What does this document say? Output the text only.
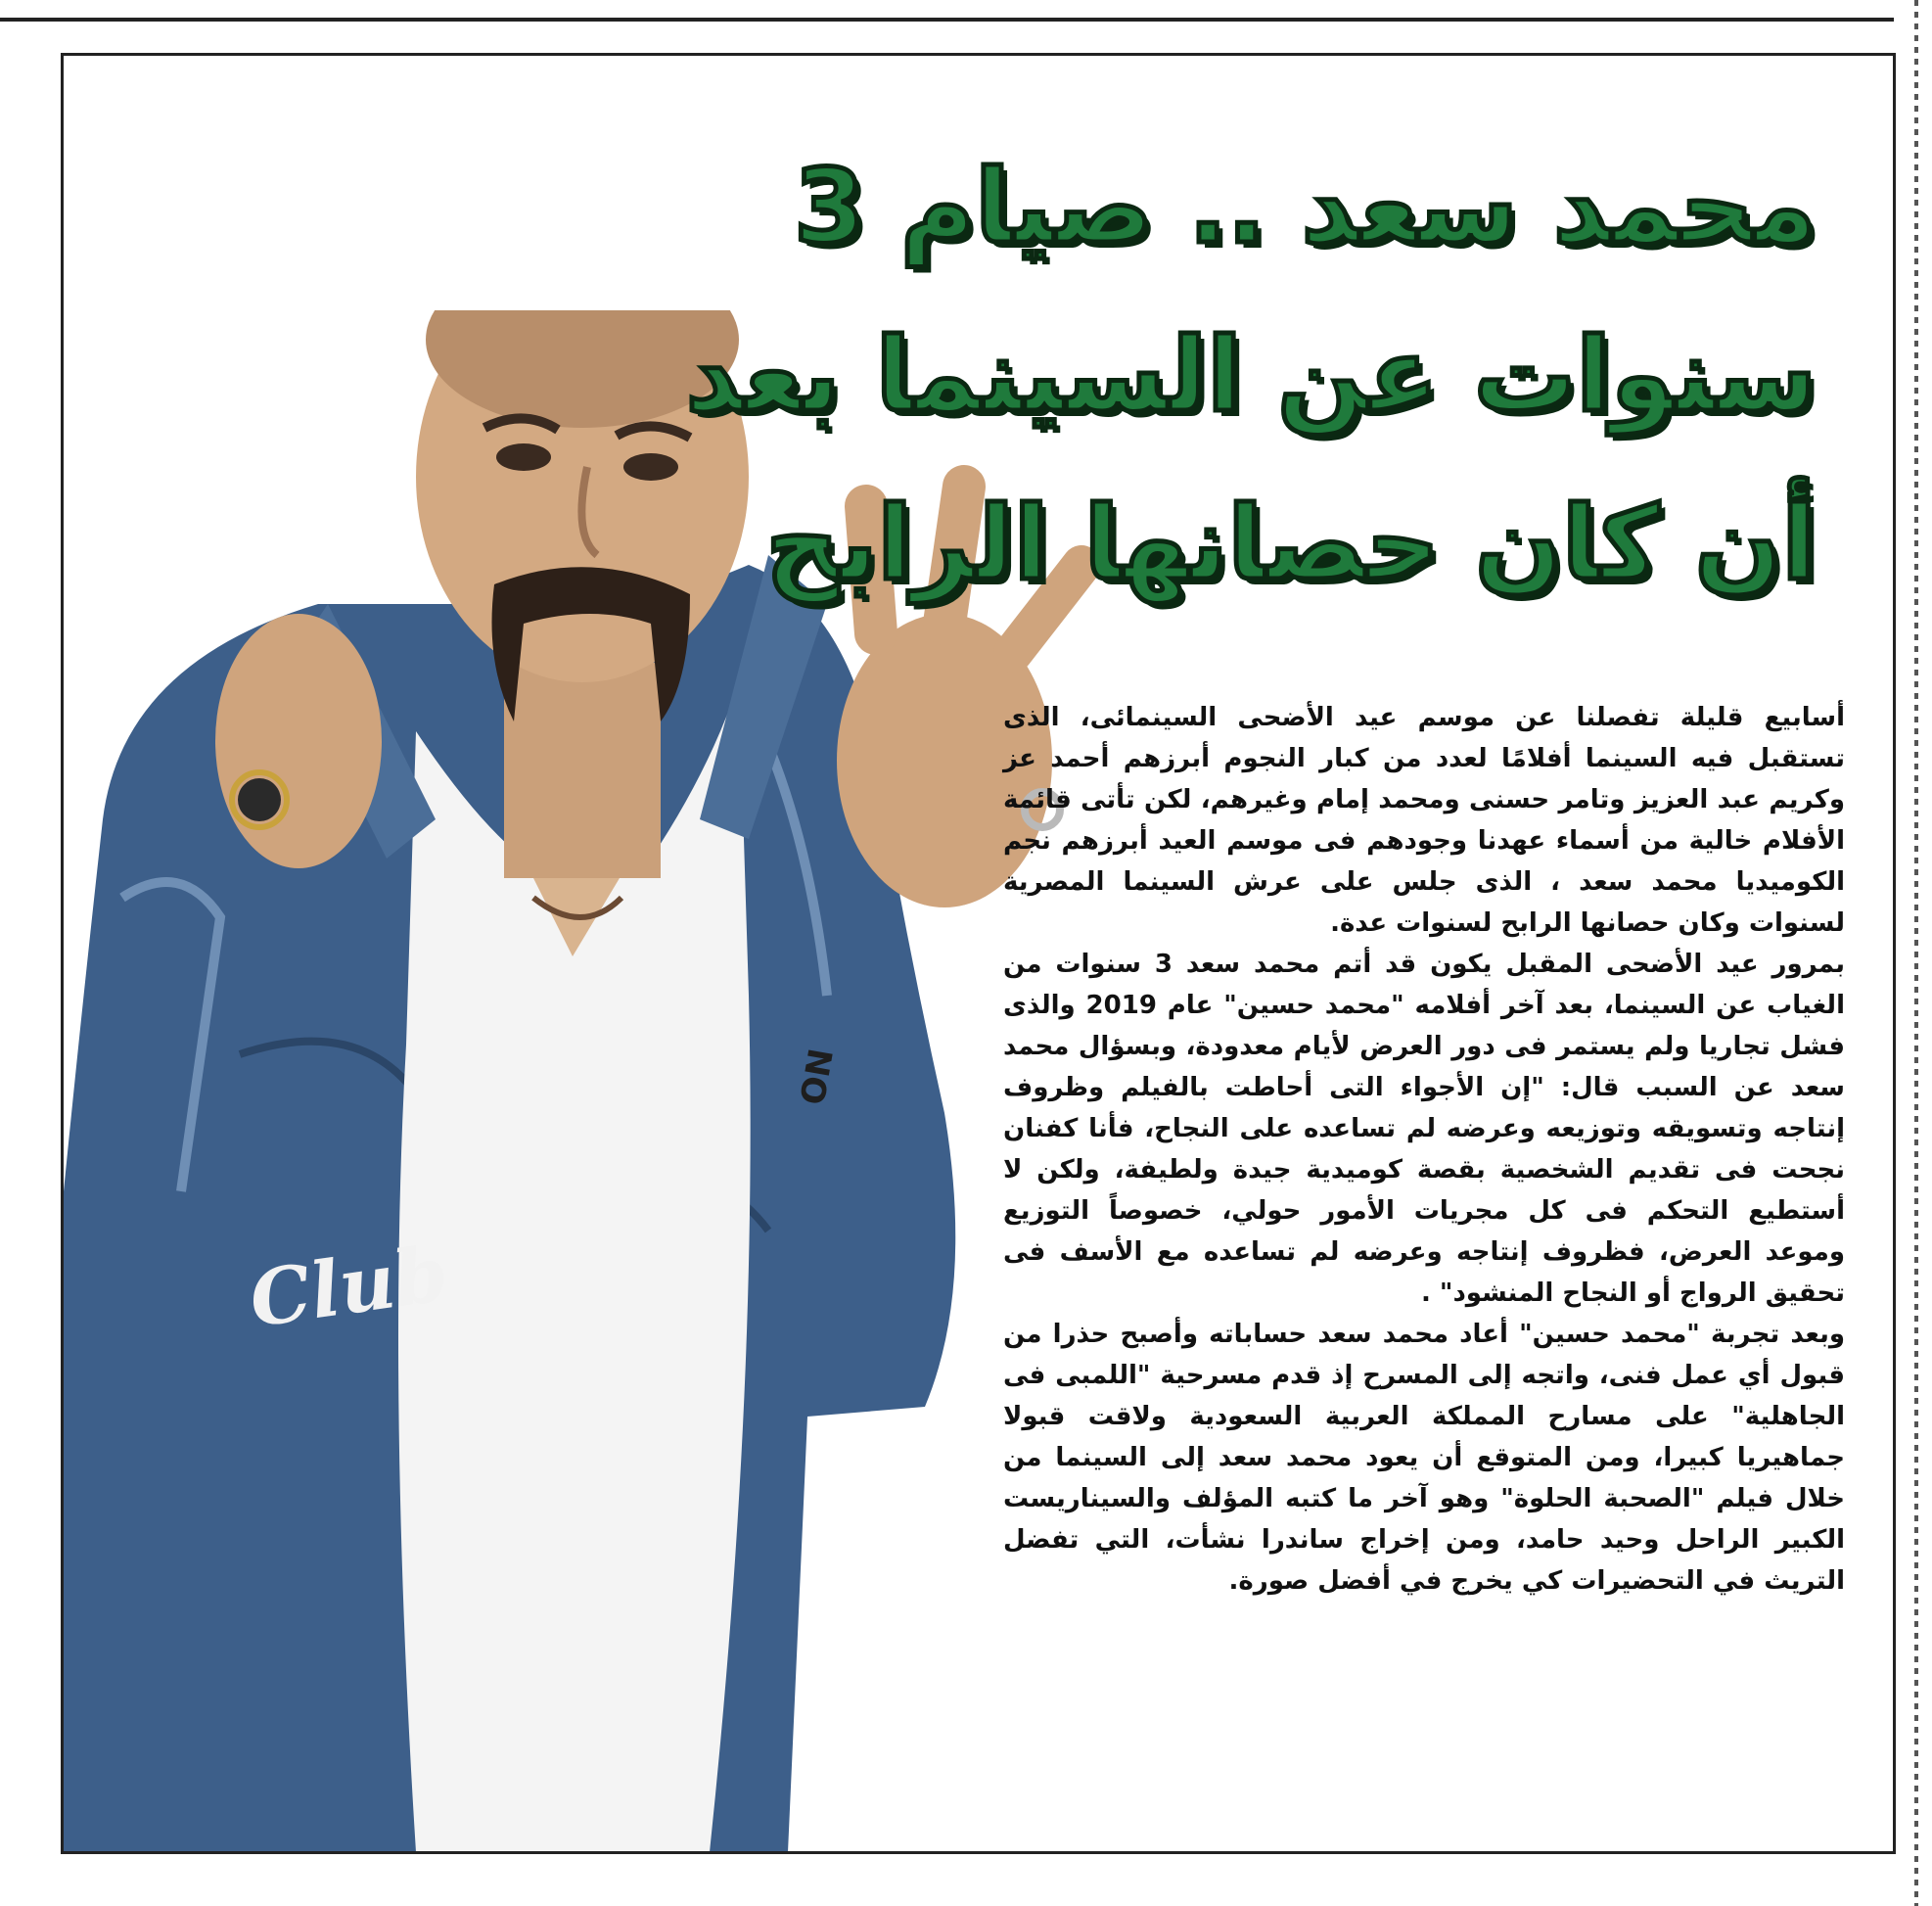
Club
ON
محمد سعد .. صيام 3
سنوات عن السينما بعد
أن كان حصانها الرابح

أسابيع قليلة تفصلنا عن موسم عيد الأضحى السينمائى، الذى تستقبل فيه السينما أفلامًا لعدد من كبار النجوم أبرزهم أحمد عز وكريم عبد العزيز وتامر حسنى ومحمد إمام وغيرهم، لكن تأتى قائمة الأفلام خالية من أسماء عهدنا وجودهم فى موسم العيد أبرزهم نجم الكوميديا محمد سعد ، الذى جلس على عرش السينما المصرية لسنوات وكان حصانها الرابح لسنوات عدة.

بمرور عيد الأضحى المقبل يكون قد أتم محمد سعد 3 سنوات من الغياب عن السينما، بعد آخر أفلامه "محمد حسين" عام 2019 والذى فشل تجاريا ولم يستمر فى دور العرض لأيام معدودة، وبسؤال محمد سعد عن السبب قال: "إن الأجواء التى أحاطت بالفيلم وظروف إنتاجه وتسويقه وتوزيعه وعرضه لم تساعده على النجاح، فأنا كفنان نجحت فى تقديم الشخصية بقصة كوميدية جيدة ولطيفة، ولكن لا أستطيع التحكم فى كل مجريات الأمور حولي، خصوصاً التوزيع وموعد العرض، فظروف إنتاجه وعرضه لم تساعده مع الأسف فى تحقيق الرواج أو النجاح المنشود" .

وبعد تجربة "محمد حسين" أعاد محمد سعد حساباته وأصبح حذرا من قبول أي عمل فنى، واتجه إلى المسرح إذ قدم مسرحية "اللمبى فى الجاهلية" على مسارح المملكة العربية السعودية ولاقت قبولا جماهيريا كبيرا، ومن المتوقع أن يعود محمد سعد إلى السينما من خلال فيلم "الصحبة الحلوة" وهو آخر ما كتبه المؤلف والسيناريست الكبير الراحل وحيد حامد، ومن إخراج ساندرا نشأت، التي تفضل التريث في التحضيرات كي يخرج في أفضل صورة.
